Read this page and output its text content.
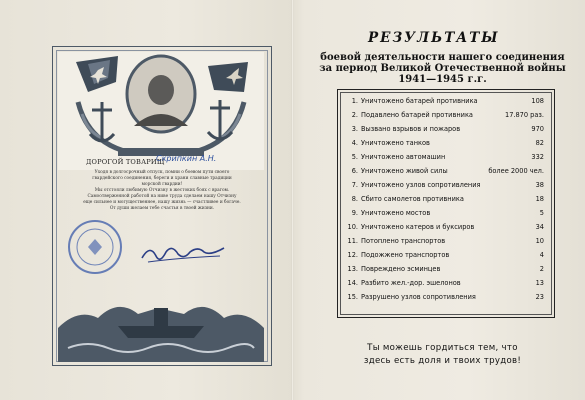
ДОРОГОЙ ТОВАРИЩ
Скрипкин А.Н.
Уходя в долгосрочный отпуск, помни о боевом пути своего
гвардейского соединения, береги и храни славные традиции
морской гвардии!
Мы отстояли любимую Отчизну в жестоких боях с врагом.
Самоотверженной работой на ниве труда сделаем нашу Отчизну
еще сильнее и могущественнее, нашу жизнь — счастливее и богаче.
От души желаем тебе счастья в твоей жизни.
РЕЗУЛЬТАТЫ
боевой деятельности нашего соединения
за период Великой Отечественной войны
1941—1945 г.г.
1. Уничтожено батарей противника	108
2. Подавлено батарей противника	17.870 раз.
3. Вызвано взрывов и пожаров	970
4. Уничтожено танков	82
5. Уничтожено автомашин	332
6. Уничтожено живой силы	более 2000 чел.
7. Уничтожено узлов сопротивления	38
8. Сбито самолетов противника	18
9. Уничтожено мостов	5
10. Уничтожено катеров и буксиров	34
11. Потоплено транспортов	10
12. Подожжено транспортов	4
13. Повреждено эсминцев	2
14. Разбито жел.-дор. эшелонов	13
15. Разрушено узлов сопротивления	23
Ты можешь гордиться тем, что
здесь есть доля и твоих трудов!
